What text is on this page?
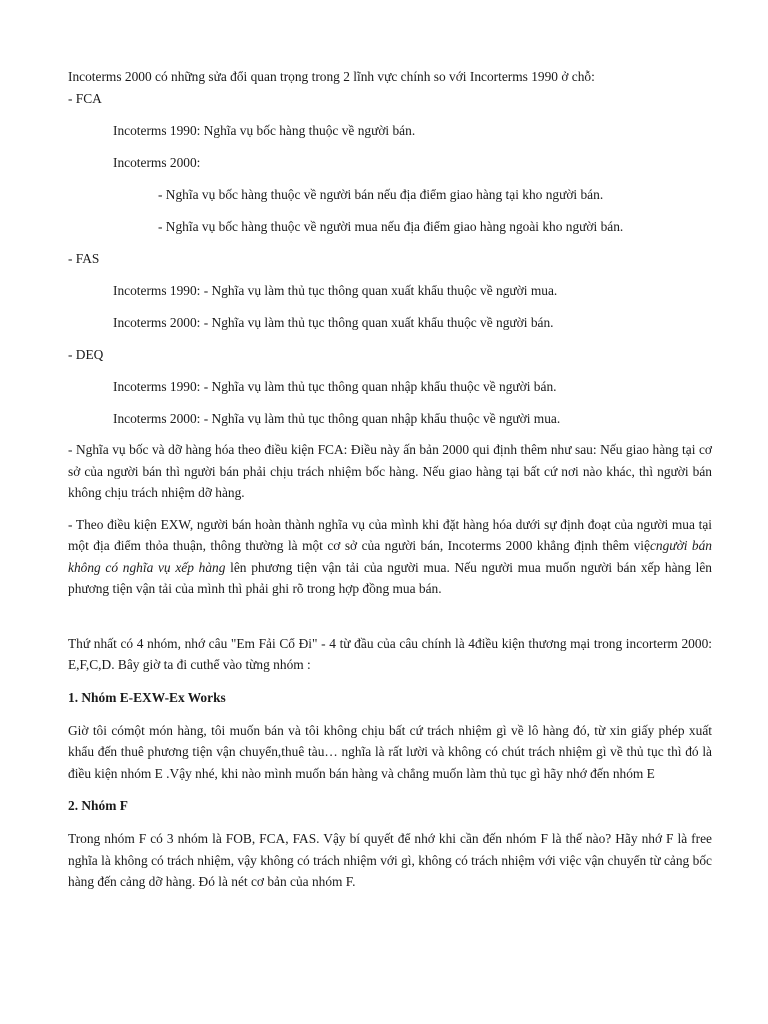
Incoterms 2000 có những sửa đổi quan trọng trong 2 lĩnh vực chính so với Incorterms 1990 ở chỗ:

- FCA

Incoterms 1990: Nghĩa vụ bốc hàng thuộc về người bán.

Incoterms 2000:

- Nghĩa vụ bốc hàng thuộc về người bán nếu địa điểm giao hàng tại kho người bán.

- Nghĩa vụ bốc hàng thuộc về người mua nếu địa điểm giao hàng ngoài kho người bán.

- FAS

Incoterms 1990: - Nghĩa vụ làm thủ tục thông quan xuất khẩu thuộc về người mua.

Incoterms 2000: - Nghĩa vụ làm thủ tục thông quan xuất khẩu thuộc về người bán.

- DEQ

Incoterms 1990: - Nghĩa vụ làm thủ tục thông quan nhập khẩu thuộc về người bán.

Incoterms 2000: - Nghĩa vụ làm thủ tục thông quan nhập khẩu thuộc về người mua.

- Nghĩa vụ bốc và dỡ hàng hóa theo điều kiện FCA: Điều này ấn bản 2000 qui định thêm như sau: Nếu giao hàng tại cơ sở của người bán thì người bán phải chịu trách nhiệm bốc hàng. Nếu giao hàng tại bất cứ nơi nào khác, thì người bán không chịu trách nhiệm dỡ hàng.

- Theo điều kiện EXW, người bán hoàn thành nghĩa vụ của mình khi đặt hàng hóa dưới sự định đoạt của người mua tại một địa điểm thỏa thuận, thông thường là một cơ sở của người bán, Incoterms 2000 khẳng định thêm việcngười bán không có nghĩa vụ xếp hàng lên phương tiện vận tải của người mua. Nếu người mua muốn người bán xếp hàng lên phương tiện vận tải của mình thì phải ghi rõ trong hợp đồng mua bán.

Thứ nhất có 4 nhóm, nhớ câu "Em Fải Cổ Đi" - 4 từ đầu của câu chính là 4điều kiện thương mại trong incorterm 2000: E,F,C,D. Bây giờ ta đi cuthể vào từng nhóm :

1. Nhóm E-EXW-Ex Works

Giờ tôi cómột món hàng, tôi muốn bán và tôi không chịu bất cứ trách nhiệm gì về lô hàng đó, từ xin giấy phép xuất khẩu đến thuê phương tiện vận chuyển,thuê tàu… nghĩa là rất lười và không có chút trách nhiệm gì về thủ tục thì đó là điều kiện nhóm E .Vậy nhé, khi nào mình muốn bán hàng và chẳng muốn làm thủ tục gì hãy nhớ đến nhóm E

2. Nhóm F

Trong nhóm F có 3 nhóm là FOB, FCA, FAS. Vậy bí quyết để nhớ khi cần đến nhóm F là thế nào? Hãy nhớ F là free nghĩa là không có trách nhiệm, vậy không có trách nhiệm với gì, không có trách nhiệm với việc vận chuyển từ cảng bốc hàng đến cảng dỡ hàng. Đó là nét cơ bản của nhóm F.
